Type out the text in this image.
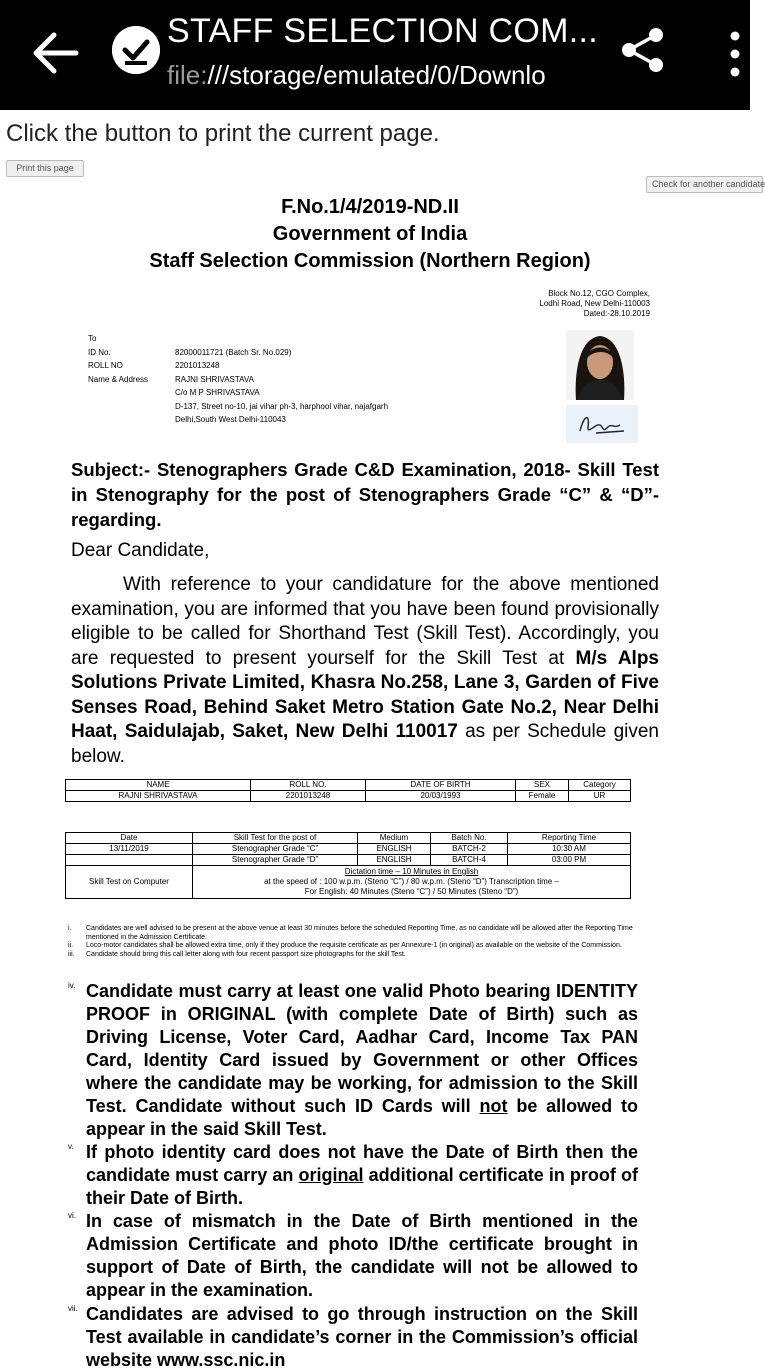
STAFF SELECTION COM...
file:///storage/emulated/0/Downlo
Click the button to print the current page.
Print this page
Check for another candidate
F.No.1/4/2019-ND.II
Government of India
Staff Selection Commission (Northern Region)
Block No.12, CGO Complex,
Lodhi Road, New Delhi-110003
Dated:-28.10.2019
To
ID No.	82000011721 (Batch Sr. No.029)
ROLL NO	2201013248
Name & Address	RAJNI SHRIVASTAVA
C/o M P SHRIVASTAVA
D-137, Street no-10, jai vihar ph-3, harphool vihar, najafgarh
Delhi,South West Delhi-110043
Subject:- Stenographers Grade C&D Examination, 2018- Skill Test in Stenography for the post of Stenographers Grade “C” & “D”- regarding.
Dear Candidate,
With reference to your candidature for the above mentioned examination, you are informed that you have been found provisionally eligible to be called for Shorthand Test (Skill Test). Accordingly, you are requested to present yourself for the Skill Test at M/s Alps Solutions Private Limited, Khasra No.258, Lane 3, Garden of Five Senses Road, Behind Saket Metro Station Gate No.2, Near Delhi Haat, Saidulajab, Saket, New Delhi 110017 as per Schedule given below.
NAME	ROLL NO.	DATE OF BIRTH	SEX	Category
RAJNI SHRIVASTAVA	2201013248	20/03/1993	Female	UR
Date	Skill Test for the post of	Medium	Batch No.	Reporting Time
13/11/2019	Stenographer Grade “C”	ENGLISH	BATCH-2	10:30 AM
	Stenographer Grade “D”	ENGLISH	BATCH-4	03:00 PM
Skill Test on Computer	Dictation time – 10 Minutes in English
at the speed of : 100 w.p.m. (Steno “C”) / 80 w.p.m. (Steno “D”) Transcription time –
For English: 40 Minutes (Steno “C”) / 50 Minutes (Steno “D”)			
i.	Candidates are well advised to be present at the above venue at least 30 minutes before the scheduled Reporting Time, as no candidate will be allowed after the Reporting Time mentioned in the Admission Certificate.
ii.	Loco-motor candidates shall be allowed extra time, only if they produce the requisite certificate as per Annexure-1 (in original) as available on the website of the Commission.
iii.	Candidate should bring this call letter along with four recent passport size photographs for the skill Test.
iv. Candidate must carry at least one valid Photo bearing IDENTITY PROOF in ORIGINAL (with complete Date of Birth) such as Driving License, Voter Card, Aadhar Card, Income Tax PAN Card, Identity Card issued by Government or other Offices where the candidate may be working, for admission to the Skill Test. Candidate without such ID Cards will not be allowed to appear in the said Skill Test.
v. If photo identity card does not have the Date of Birth then the candidate must carry an original additional certificate in proof of their Date of Birth.
vi. In case of mismatch in the Date of Birth mentioned in the Admission Certificate and photo ID/the certificate brought in support of Date of Birth, the candidate will not be allowed to appear in the examination.
vii. Candidates are advised to go through instruction on the Skill Test available in candidate’s corner in the Commission’s official website www.ssc.nic.in
